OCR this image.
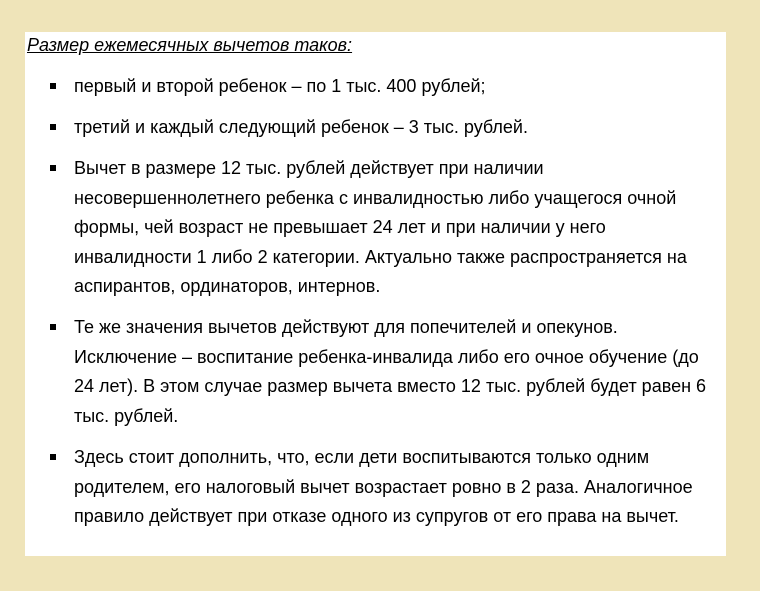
Размер ежемесячных вычетов таков:

первый и второй ребенок – по 1 тыс. 400 рублей;

третий и каждый следующий ребенок – 3 тыс. рублей.

Вычет в размере 12 тыс. рублей действует при наличии несовершеннолетнего ребенка с инвалидностью либо учащегося очной формы, чей возраст не превышает 24 лет и при наличии у него инвалидности 1 либо 2 категории. Актуально также распространяется на аспирантов, ординаторов, интернов.

Те же значения вычетов действуют для попечителей и опекунов. Исключение – воспитание ребенка-инвалида либо его очное обучение (до 24 лет). В этом случае размер вычета вместо 12 тыс. рублей будет равен 6 тыс. рублей.

Здесь стоит дополнить, что, если дети воспитываются только одним родителем, его налоговый вычет возрастает ровно в 2 раза. Аналогичное правило действует при отказе одного из супругов от его права на вычет.
